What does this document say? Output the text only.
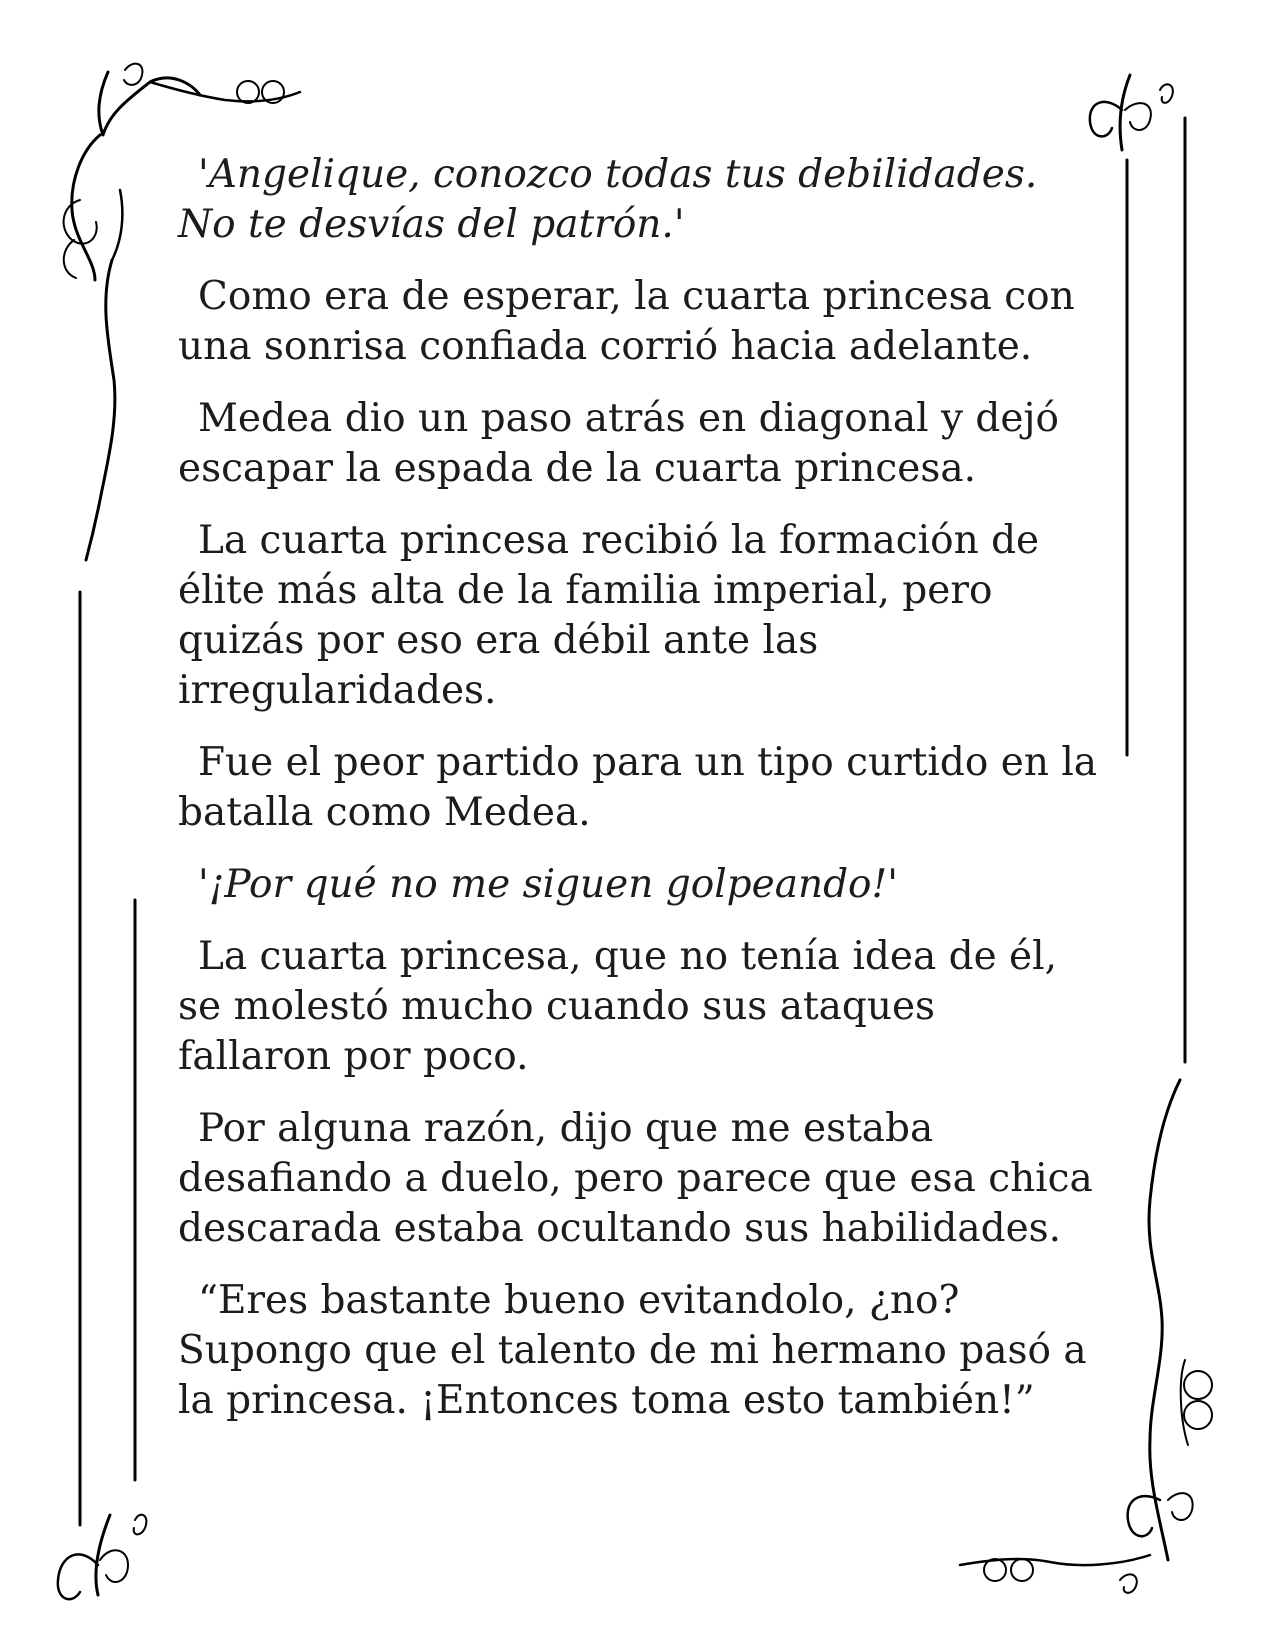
'Angelique, conozco todas tus debilidades. No te desvías del patrón.'

Como era de esperar, la cuarta princesa con una sonrisa confiada corrió hacia adelante.

Medea dio un paso atrás en diagonal y dejó escapar la espada de la cuarta princesa.

La cuarta princesa recibió la formación de élite más alta de la familia imperial, pero quizás por eso era débil ante las irregularidades.

Fue el peor partido para un tipo curtido en la batalla como Medea.

'¡Por qué no me siguen golpeando!'

La cuarta princesa, que no tenía idea de él, se molestó mucho cuando sus ataques fallaron por poco.

Por alguna razón, dijo que me estaba desafiando a duelo, pero parece que esa chica descarada estaba ocultando sus habilidades.

“Eres bastante bueno evitandolo, ¿no? Supongo que el talento de mi hermano pasó a la princesa. ¡Entonces toma esto también!”
